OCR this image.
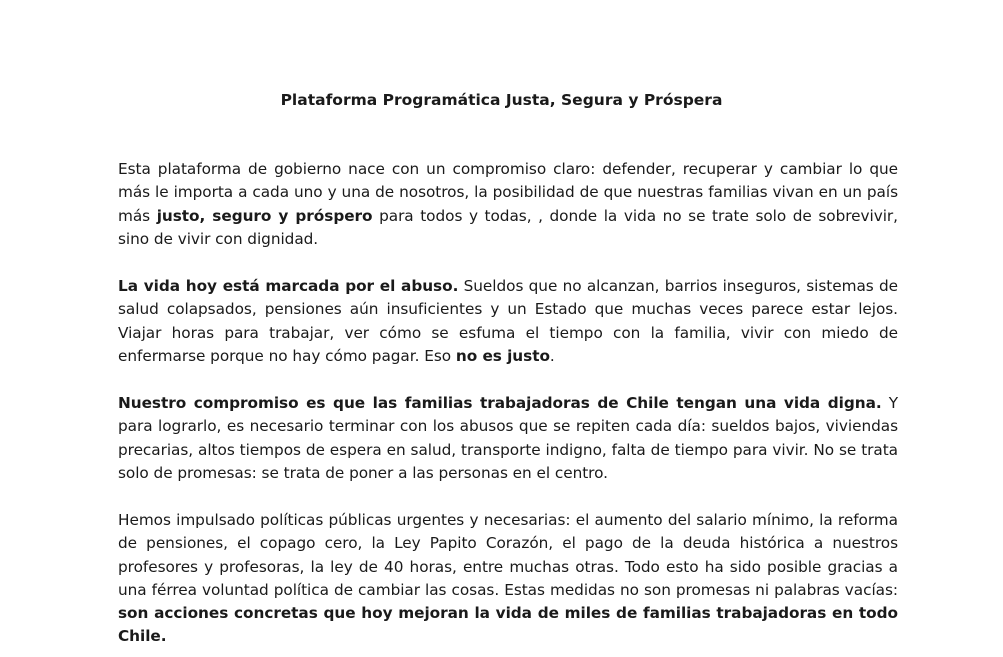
Plataforma Programática Justa, Segura y Próspera

Esta plataforma de gobierno nace con un compromiso claro: defender, recuperar y cambiar lo que más le importa a cada uno y una de nosotros, la posibilidad de que nuestras familias vivan en un país más justo, seguro y próspero para todos y todas, , donde la vida no se trate solo de sobrevivir, sino de vivir con dignidad.

La vida hoy está marcada por el abuso. Sueldos que no alcanzan, barrios inseguros, sistemas de salud colapsados, pensiones aún insuficientes y un Estado que muchas veces parece estar lejos. Viajar horas para trabajar, ver cómo se esfuma el tiempo con la familia, vivir con miedo de enfermarse porque no hay cómo pagar. Eso no es justo.

Nuestro compromiso es que las familias trabajadoras de Chile tengan una vida digna. Y para lograrlo, es necesario terminar con los abusos que se repiten cada día: sueldos bajos, viviendas precarias, altos tiempos de espera en salud, transporte indigno, falta de tiempo para vivir. No se trata solo de promesas: se trata de poner a las personas en el centro.

Hemos impulsado políticas públicas urgentes y necesarias: el aumento del salario mínimo, la reforma de pensiones, el copago cero, la Ley Papito Corazón, el pago de la deuda histórica a nuestros profesores y profesoras, la ley de 40 horas, entre muchas otras. Todo esto ha sido posible gracias a una férrea voluntad política de cambiar las cosas. Estas medidas no son promesas ni palabras vacías: son acciones concretas que hoy mejoran la vida de miles de familias trabajadoras en todo Chile.
